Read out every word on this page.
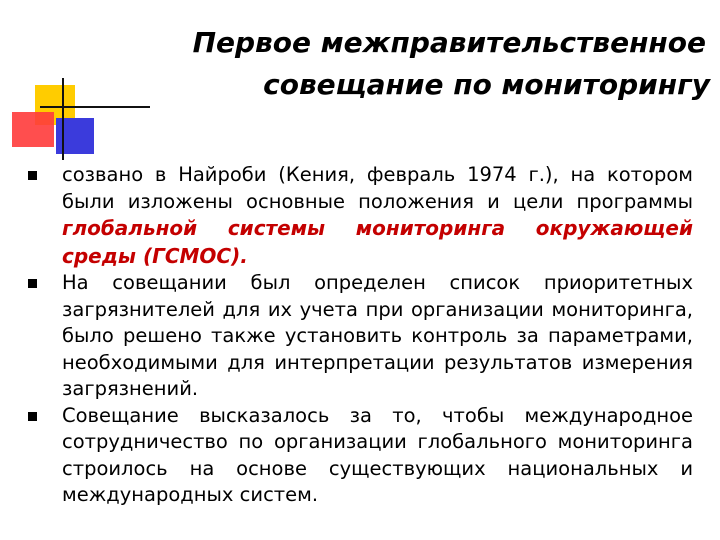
Первое межправительственное
совещание по мониторингу
созвано в Найроби (Кения, февраль 1974 г.), на котором были изложены основные положения и цели программы глобальной системы мониторинга окружающей среды (ГСМОС).
На совещании был определен список приоритетных загрязнителей для их учета при организации мониторинга, было решено также установить контроль за параметрами, необходимыми для интерпретации результатов измерения загрязнений.
Совещание высказалось за то, чтобы международное сотрудничество по организации глобального мониторинга строилось на основе существующих национальных и международных систем.
